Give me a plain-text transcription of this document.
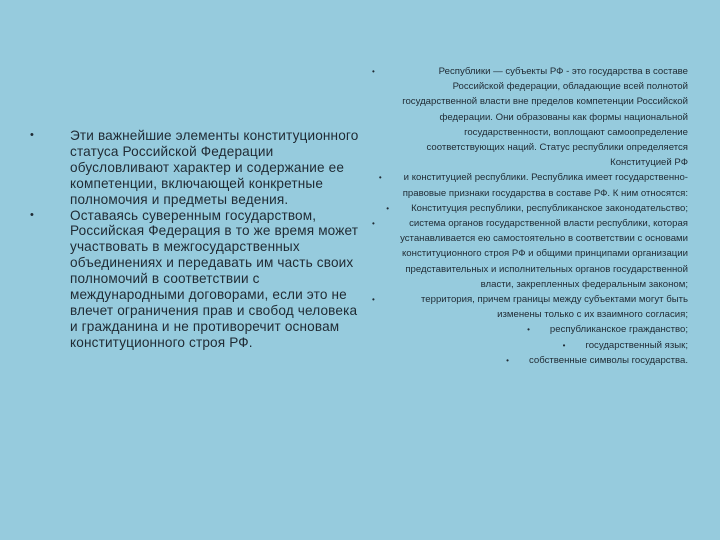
•	Эти важнейшие элементы конституционного статуса Российской Федерации обусловливают характер и содержание ее компетенции, включающей конкретные полномочия и предметы ведения.
•	Оставаясь суверенным государством, Российская Федерация в то же время может участвовать в межгосударственных объединениях и передавать им часть своих полномочий в соответствии с международными договорами, если это не влечет ограничения прав и свобод человека и гражданина и не противоречит основам конституционного строя РФ.
•	Республики — субъекты РФ - это государства в составе Российской федерации, обладающие всей полнотой государственной власти вне пределов компетенции Российской федерации. Они образованы как формы национальной государственности, воплощают самоопределение соответствующих наций. Статус республики определяется Конституцией РФ
• и конституцией республики. Республика имеет государственно-правовые признаки государства в составе РФ. К ним относятся:
• Конституция республики, республиканское законодательство;
•	система органов государственной власти республики, которая устанавливается ею самостоятельно в соответствии с основами конституционного строя РФ и общими принципами организации представительных и исполнительных органов государственной власти, закрепленных федеральным законом;
•	территория, причем границы между субъектами могут быть изменены только с их взаимного согласия;
• республиканское гражданство;
• государственный язык;
• собственные символы государства.
